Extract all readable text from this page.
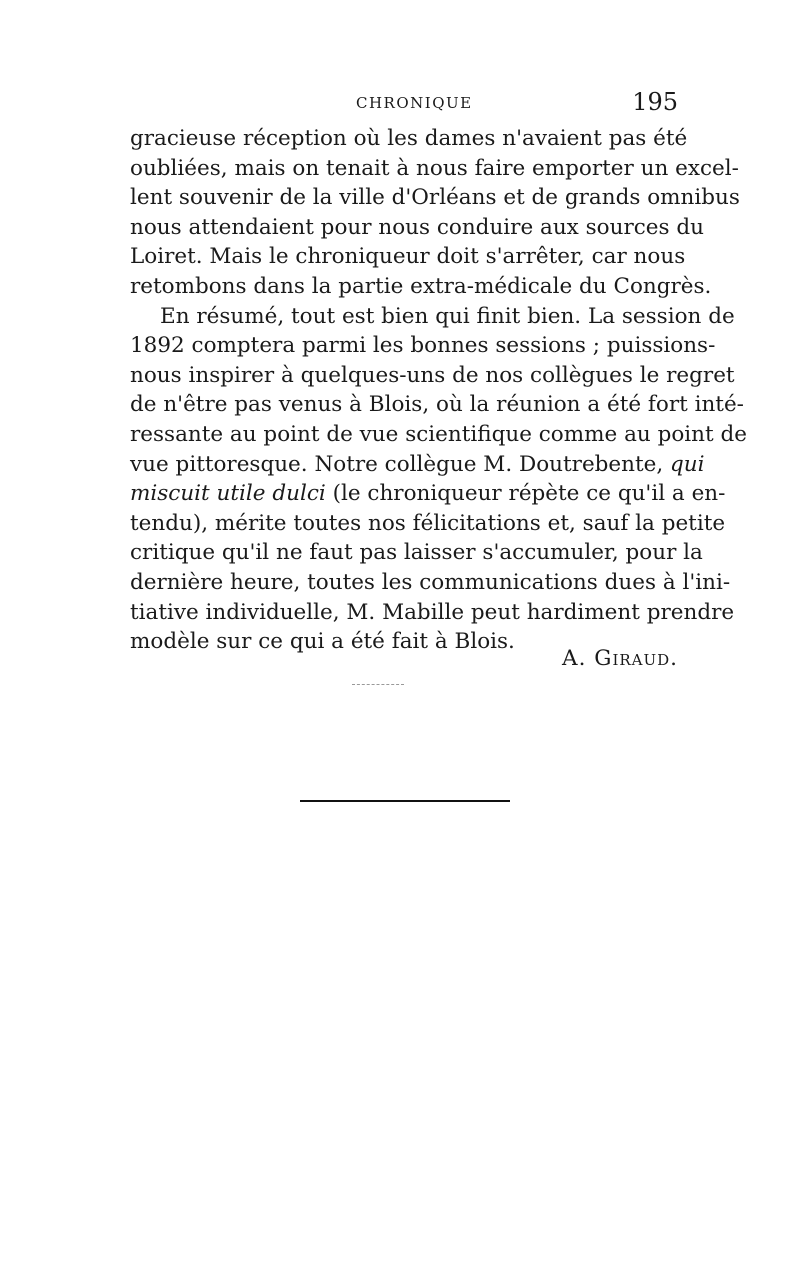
CHRONIQUE	195
gracieuse réception où les dames n'avaient pas été
oubliées, mais on tenait à nous faire emporter un excel-
lent souvenir de la ville d'Orléans et de grands omnibus
nous attendaient pour nous conduire aux sources du
Loiret. Mais le chroniqueur doit s'arrêter, car nous
retombons dans la partie extra-médicale du Congrès.
En résumé, tout est bien qui finit bien. La session de
1892 comptera parmi les bonnes sessions ; puissions-
nous inspirer à quelques-uns de nos collègues le regret
de n'être pas venus à Blois, où la réunion a été fort inté-
ressante au point de vue scientifique comme au point de
vue pittoresque. Notre collègue M. Doutrebente, qui
miscuit utile dulci (le chroniqueur répète ce qu'il a en-
tendu), mérite toutes nos félicitations et, sauf la petite
critique qu'il ne faut pas laisser s'accumuler, pour la
dernière heure, toutes les communications dues à l'ini-
tiative individuelle, M. Mabille peut hardiment prendre
modèle sur ce qui a été fait à Blois.
A. Giraud.
